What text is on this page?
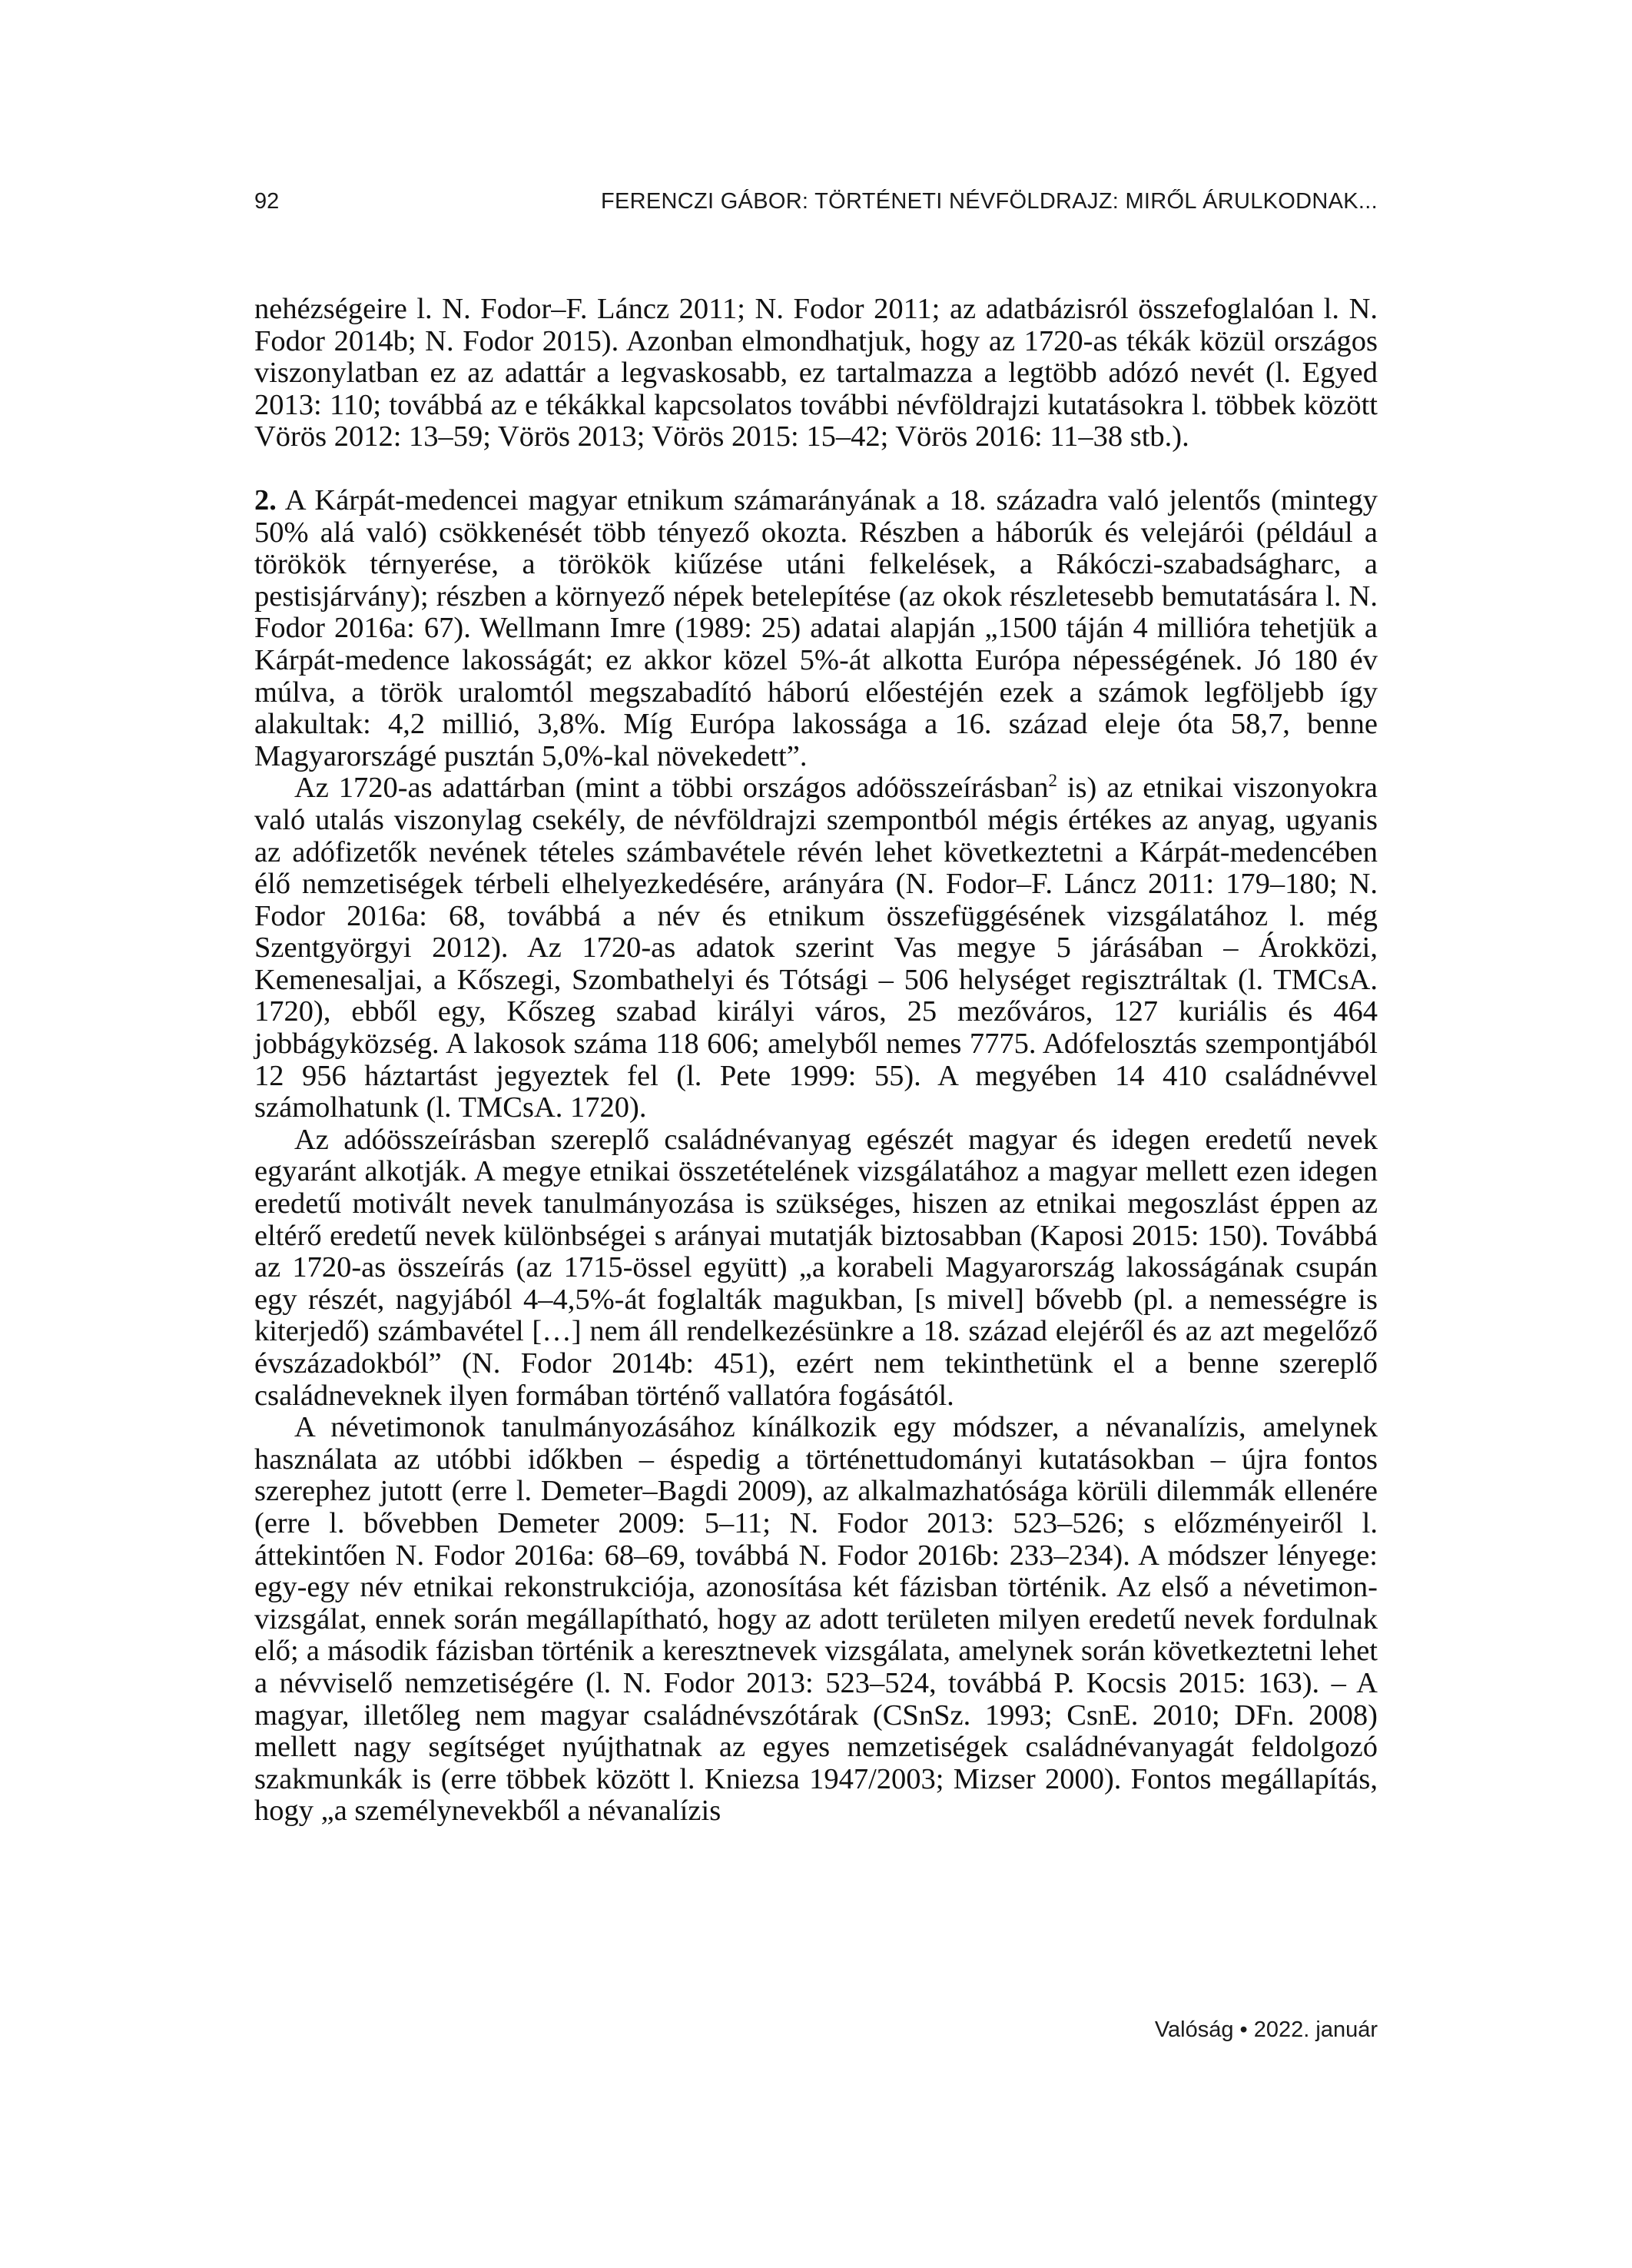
92	FERENCZI GÁBOR: TÖRTÉNETI NÉVFÖLDRAJZ: MIRŐL ÁRULKODNAK...

nehézségeire l. N. Fodor–F. Láncz 2011; N. Fodor 2011; az adatbázisról összefoglalóan l. N. Fodor 2014b; N. Fodor 2015). Azonban elmondhatjuk, hogy az 1720-as tékák közül országos viszonylatban ez az adattár a legvaskosabb, ez tartalmazza a legtöbb adózó nevét (l. Egyed 2013: 110; továbbá az e tékákkal kapcsolatos további névföldrajzi kutatásokra l. többek között Vörös 2012: 13–59; Vörös 2013; Vörös 2015: 15–42; Vörös 2016: 11–38 stb.).

2. A Kárpát-medencei magyar etnikum számarányának a 18. századra való jelentős (mintegy 50% alá való) csökkenését több tényező okozta. Részben a háborúk és velejárói (például a törökök térnyerése, a törökök kiűzése utáni felkelések, a Rákóczi-szabadságharc, a pestisjárvány); részben a környező népek betelepítése (az okok részletesebb bemutatására l. N. Fodor 2016a: 67). Wellmann Imre (1989: 25) adatai alapján „1500 táján 4 millióra tehetjük a Kárpát-medence lakosságát; ez akkor közel 5%-át alkotta Európa népességének. Jó 180 év múlva, a török uralomtól megszabadító háború előestéjén ezek a számok legföljebb így alakultak: 4,2 millió, 3,8%. Míg Európa lakossága a 16. század eleje óta 58,7, benne Magyarországé pusztán 5,0%-kal növekedett”.

Az 1720-as adattárban (mint a többi országos adóösszeírásban$^2$ is) az etnikai viszonyokra való utalás viszonylag csekély, de névföldrajzi szempontból mégis értékes az anyag, ugyanis az adófizetők nevének tételes számbavétele révén lehet következtetni a Kárpát-medencében élő nemzetiségek térbeli elhelyezkedésére, arányára (N. Fodor–F. Láncz 2011: 179–180; N. Fodor 2016a: 68, továbbá a név és etnikum összefüggésének vizsgálatához l. még Szentgyörgyi 2012). Az 1720-as adatok szerint Vas megye 5 járásában – Árokközi, Kemenesaljai, a Kőszegi, Szombathelyi és Tótsági – 506 helységet regisztráltak (l. TMCsA. 1720), ebből egy, Kőszeg szabad királyi város, 25 mezőváros, 127 kuriális és 464 jobbágyközség. A lakosok száma 118 606; amelyből nemes 7775. Adófelosztás szempontjából 12 956 háztartást jegyeztek fel (l. Pete 1999: 55). A megyében 14 410 családnévvel számolhatunk (l. TMCsA. 1720).

Az adóösszeírásban szereplő családnévanyag egészét magyar és idegen eredetű nevek egyaránt alkotják. A megye etnikai összetételének vizsgálatához a magyar mellett ezen idegen eredetű motivált nevek tanulmányozása is szükséges, hiszen az etnikai megoszlást éppen az eltérő eredetű nevek különbségei s arányai mutatják biztosabban (Kaposi 2015: 150). Továbbá az 1720-as összeírás (az 1715-össel együtt) „a korabeli Magyarország lakosságának csupán egy részét, nagyjából 4–4,5%-át foglalták magukban, [s mivel] bővebb (pl. a nemességre is kiterjedő) számbavétel […] nem áll rendelkezésünkre a 18. század elejéről és az azt megelőző évszázadokból” (N. Fodor 2014b: 451), ezért nem tekinthetünk el a benne szereplő családneveknek ilyen formában történő vallatóra fogásától.

A névetimonok tanulmányozásához kínálkozik egy módszer, a névanalízis, amelynek használata az utóbbi időkben – éspedig a történettudományi kutatásokban – újra fontos szerephez jutott (erre l. Demeter–Bagdi 2009), az alkalmazhatósága körüli dilemmák ellenére (erre l. bővebben Demeter 2009: 5–11; N. Fodor 2013: 523–526; s előzményeiről l. áttekintően N. Fodor 2016a: 68–69, továbbá N. Fodor 2016b: 233–234). A módszer lényege: egy-egy név etnikai rekonstrukciója, azonosítása két fázisban történik. Az első a névetimon-vizsgálat, ennek során megállapítható, hogy az adott területen milyen eredetű nevek fordulnak elő; a második fázisban történik a keresztnevek vizsgálata, amelynek során következtetni lehet a névviselő nemzetiségére (l. N. Fodor 2013: 523–524, továbbá P. Kocsis 2015: 163). – A magyar, illetőleg nem magyar családnévszótárak (CSnSz. 1993; CsnE. 2010; DFn. 2008) mellett nagy segítséget nyújthatnak az egyes nemzetiségek családnévanyagát feldolgozó szakmunkák is (erre többek között l. Kniezsa 1947/2003; Mizser 2000). Fontos megállapítás, hogy „a személynevekből a névanalízis

Valóság • 2022. január
